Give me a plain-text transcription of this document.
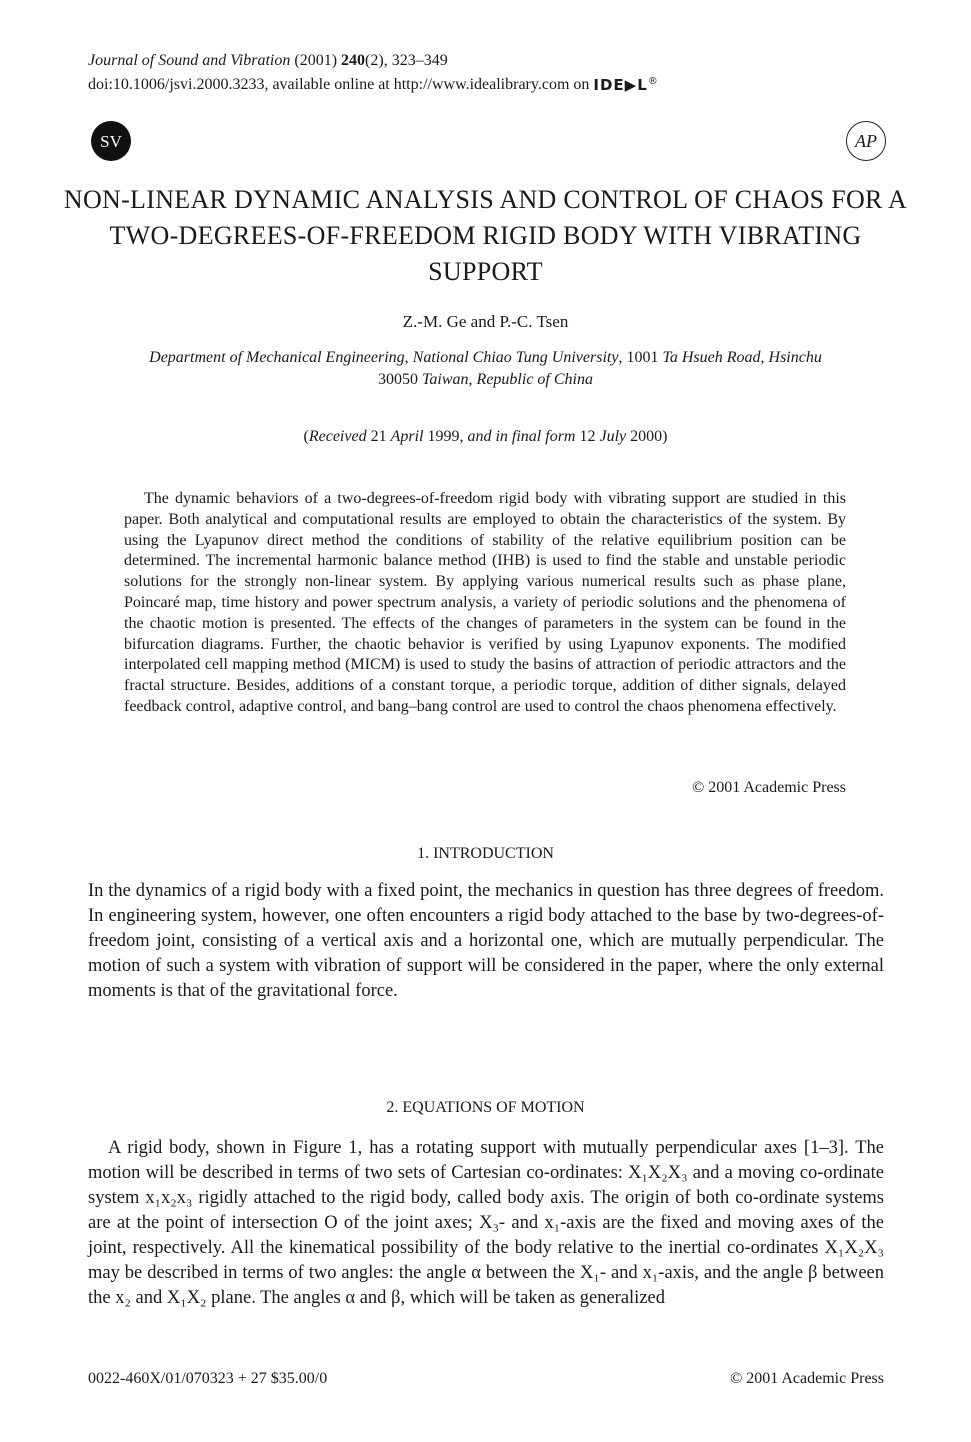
Journal of Sound and Vibration (2001) 240(2), 323–349
doi:10.1006/jsvi.2000.3233, available online at http://www.idealibrary.com on IDE▶L®
SV	AP
NON-LINEAR DYNAMIC ANALYSIS AND CONTROL OF CHAOS FOR A TWO-DEGREES-OF-FREEDOM RIGID BODY WITH VIBRATING SUPPORT
Z.-M. Ge and P.-C. Tsen
Department of Mechanical Engineering, National Chiao Tung University, 1001 Ta Hsueh Road, Hsinchu
30050 Taiwan, Republic of China
(Received 21 April 1999, and in final form 12 July 2000)
The dynamic behaviors of a two-degrees-of-freedom rigid body with vibrating support are studied in this paper. Both analytical and computational results are employed to obtain the characteristics of the system. By using the Lyapunov direct method the conditions of stability of the relative equilibrium position can be determined. The incremental harmonic balance method (IHB) is used to find the stable and unstable periodic solutions for the strongly non-linear system. By applying various numerical results such as phase plane, Poincaré map, time history and power spectrum analysis, a variety of periodic solutions and the phenomena of the chaotic motion is presented. The effects of the changes of parameters in the system can be found in the bifurcation diagrams. Further, the chaotic behavior is verified by using Lyapunov exponents. The modified interpolated cell mapping method (MICM) is used to study the basins of attraction of periodic attractors and the fractal structure. Besides, additions of a constant torque, a periodic torque, addition of dither signals, delayed feedback control, adaptive control, and bang–bang control are used to control the chaos phenomena effectively.
© 2001 Academic Press
1. INTRODUCTION
In the dynamics of a rigid body with a fixed point, the mechanics in question has three degrees of freedom. In engineering system, however, one often encounters a rigid body attached to the base by two-degrees-of-freedom joint, consisting of a vertical axis and a horizontal one, which are mutually perpendicular. The motion of such a system with vibration of support will be considered in the paper, where the only external moments is that of the gravitational force.
2. EQUATIONS OF MOTION
A rigid body, shown in Figure 1, has a rotating support with mutually perpendicular axes [1–3]. The motion will be described in terms of two sets of Cartesian co-ordinates: X₁X₂X₃ and a moving co-ordinate system x₁x₂x₃ rigidly attached to the rigid body, called body axis. The origin of both co-ordinate systems are at the point of intersection O of the joint axes; X₃- and x₁-axis are the fixed and moving axes of the joint, respectively. All the kinematical possibility of the body relative to the inertial co-ordinates X₁X₂X₃ may be described in terms of two angles: the angle α between the X₁- and x₁-axis, and the angle β between the x₂ and X₁X₂ plane. The angles α and β, which will be taken as generalized
0022-460X/01/070323 + 27 $35.00/0	© 2001 Academic Press
